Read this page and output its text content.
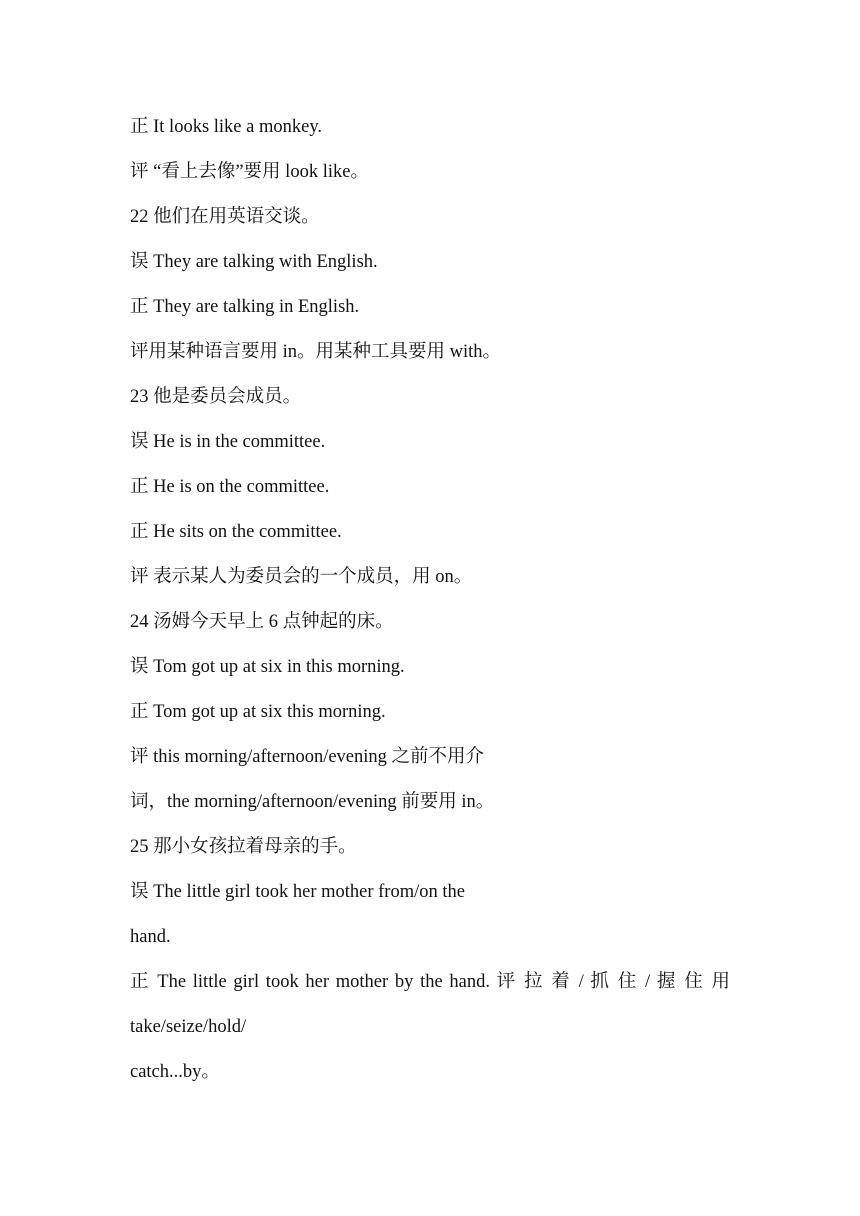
正 It looks like a monkey.
评 “看上去像”要用 look like。
22 他们在用英语交谈。
误 They are talking with English.
正 They are talking in English.
评用某种语言要用 in。用某种工具要用 with。
23 他是委员会成员。
误 He is in the committee.
正 He is on the committee.
正 He sits on the committee.
评 表示某人为委员会的一个成员，用 on。
24 汤姆今天早上 6 点钟起的床。
误 Tom got up at six in this morning.
正 Tom got up at six this morning.
评 this morning/afternoon/evening 之前不用介
词，the morning/afternoon/evening 前要用 in。
25 那小女孩拉着母亲的手。
误 The little girl took her mother from/on the
hand.
正 The little girl took her mother by the hand. 评 拉 着 / 抓 住 / 握 住 用
take/seize/hold/
catch...by。
